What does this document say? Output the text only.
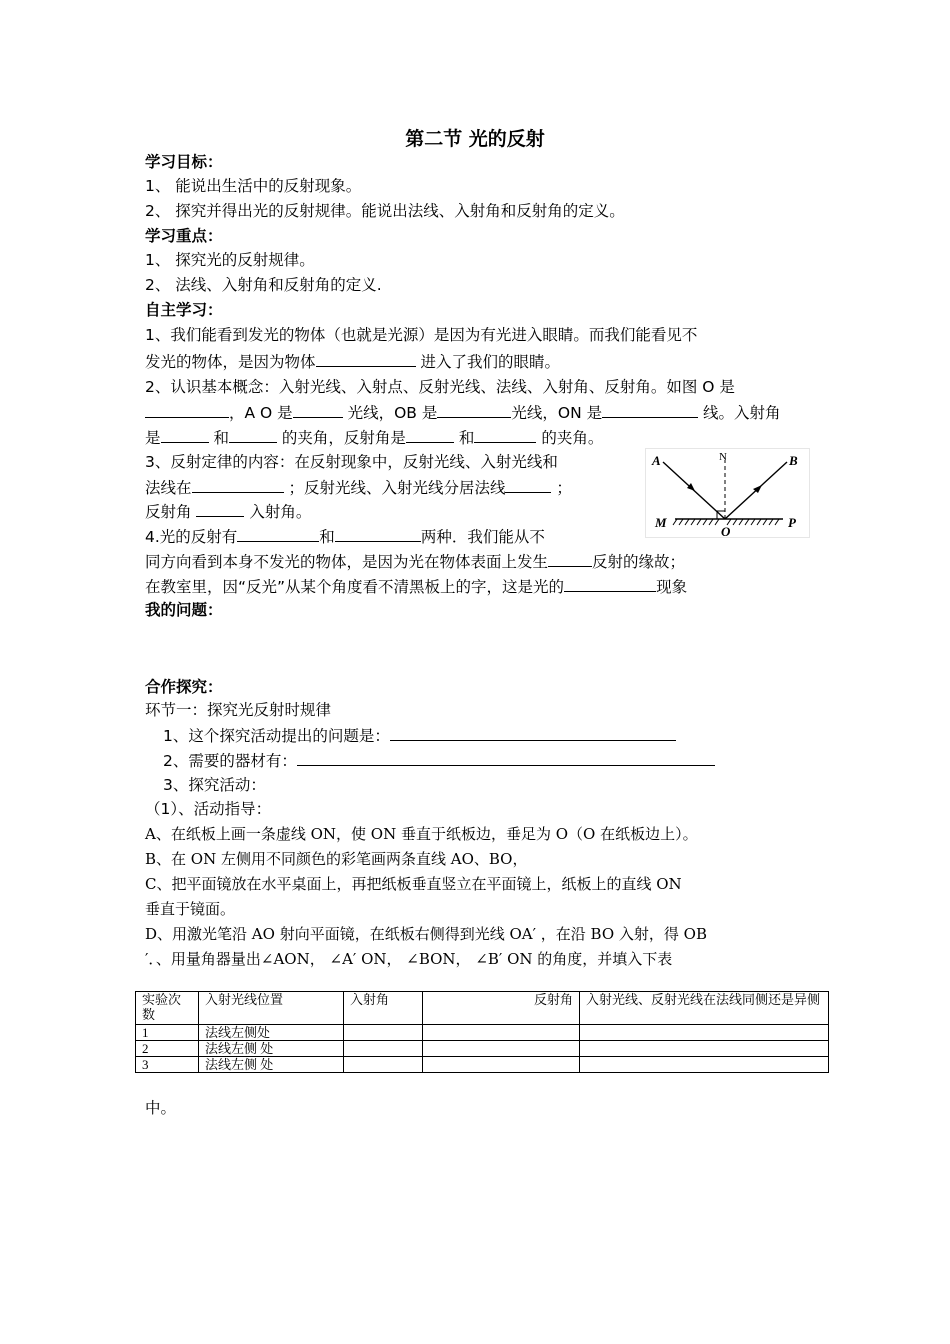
第二节 光的反射
学习目标：
1、 能说出生活中的反射现象。
2、 探究并得出光的反射规律。能说出法线、入射角和反射角的定义。
学习重点：
1、 探究光的反射规律。
2、 法线、入射角和反射角的定义.
自主学习：
1、我们能看到发光的物体（也就是光源）是因为有光进入眼睛。而我们能看见不
发光的物体，是因为物体	进入了我们的眼睛。
2、认识基本概念：入射光线、入射点、反射光线、法线、入射角、反射角。如图 O 是
，A O 是	光线，OB 是	光线，ON 是	线。入射角
是	和	的夹角，反射角是	和	的夹角。
3、反射定律的内容：在反射现象中，反射光线、入射光线和
法线在	；反射光线、入射光线分居法线	；
反射角	入射角。
4.光的反射有	和	两种．我们能从不
同方向看到本身不发光的物体，是因为光在物体表面上发生	反射的缘故；
在教室里，因“反光”从某个角度看不清黑板上的字，这是光的	现象
A	N	B
M
O
P
我的问题：
合作探究：
环节一：探究光反射时规律
1、这个探究活动提出的问题是：
2、需要的器材有：
3、探究活动：
（1）、活动指导：
A、在纸板上画一条虚线 ON，使 ON 垂直于纸板边，垂足为 O（O 在纸板边上）。
B、在 ON 左侧用不同颜色的彩笔画两条直线 AO、BO，
C、把平面镜放在水平桌面上，再把纸板垂直竖立在平面镜上，纸板上的直线 ON
垂直于镜面。
D、用激光笔沿 AO 射向平面镜，在纸板右侧得到光线 OA′ ，在沿 BO 入射，得 OB
′．、用量角器量出∠AON， ∠A′ ON， ∠BON， ∠B′ ON 的角度，并填入下表
实验次数	入射光线位置	入射角	反射角	入射光线、反射光线在法线同侧还是异侧
1	法线左侧处			
2	法线左侧 处			
3	法线左侧 处			
中。
